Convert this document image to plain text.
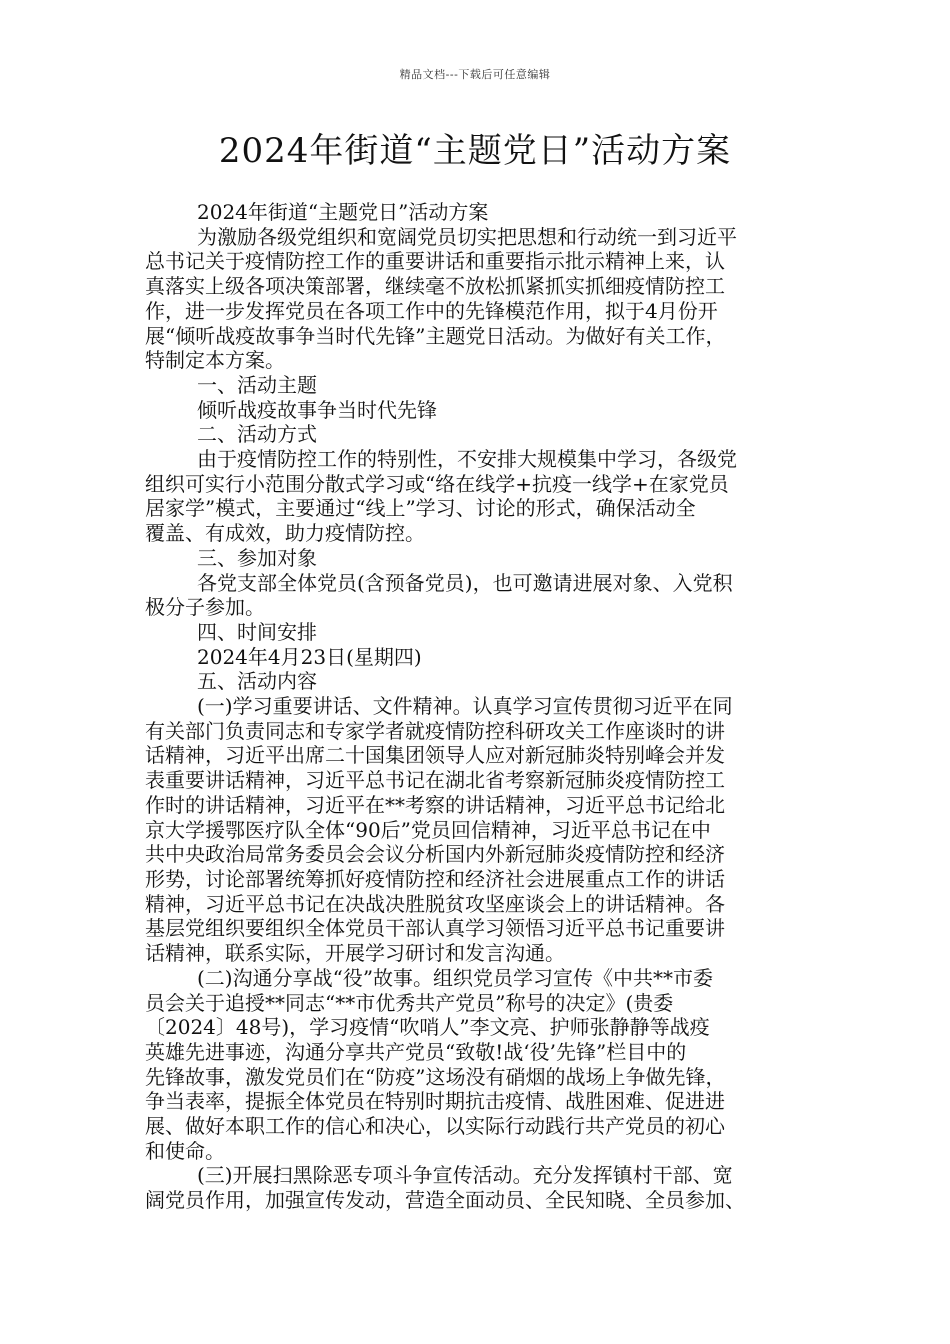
精品文档---下载后可任意编辑
2024年街道“主题党日”活动方案

2024年街道“主题党日”活动方案

为激励各级党组织和宽阔党员切实把思想和行动统一到习近平
总书记关于疫情防控工作的重要讲话和重要指示批示精神上来，认
真落实上级各项决策部署，继续毫不放松抓紧抓实抓细疫情防控工
作，进一步发挥党员在各项工作中的先锋模范作用，拟于4月份开
展“倾听战疫故事争当时代先锋”主题党日活动。为做好有关工作，
特制定本方案。

一、活动主题

倾听战疫故事争当时代先锋

二、活动方式

由于疫情防控工作的特别性，不安排大规模集中学习，各级党
组织可实行小范围分散式学习或“络在线学+抗疫一线学+在家党员
居家学”模式，主要通过“线上”学习、讨论的形式，确保活动全
覆盖、有成效，助力疫情防控。

三、参加对象

各党支部全体党员(含预备党员)，也可邀请进展对象、入党积
极分子参加。

四、时间安排

2024年4月23日(星期四)

五、活动内容

(一)学习重要讲话、文件精神。认真学习宣传贯彻习近平在同
有关部门负责同志和专家学者就疫情防控科研攻关工作座谈时的讲
话精神，习近平出席二十国集团领导人应对新冠肺炎特别峰会并发
表重要讲话精神，习近平总书记在湖北省考察新冠肺炎疫情防控工
作时的讲话精神，习近平在**考察的讲话精神，习近平总书记给北
京大学援鄂医疗队全体“90后”党员回信精神，习近平总书记在中
共中央政治局常务委员会会议分析国内外新冠肺炎疫情防控和经济
形势，讨论部署统筹抓好疫情防控和经济社会进展重点工作的讲话
精神，习近平总书记在决战决胜脱贫攻坚座谈会上的讲话精神。各
基层党组织要组织全体党员干部认真学习领悟习近平总书记重要讲
话精神，联系实际，开展学习研讨和发言沟通。

(二)沟通分享战“役”故事。组织党员学习宣传《中共**市委
员会关于追授**同志“**市优秀共产党员”称号的决定》(贵委
〔2024〕48号)，学习疫情“吹哨人”李文亮、护师张静静等战疫
英雄先进事迹，沟通分享共产党员“致敬!战‘役’先锋”栏目中的
先锋故事，激发党员们在“防疫”这场没有硝烟的战场上争做先锋，
争当表率，提振全体党员在特别时期抗击疫情、战胜困难、促进进
展、做好本职工作的信心和决心，以实际行动践行共产党员的初心
和使命。

(三)开展扫黑除恶专项斗争宣传活动。充分发挥镇村干部、宽
阔党员作用，加强宣传发动，营造全面动员、全民知晓、全员参加、
